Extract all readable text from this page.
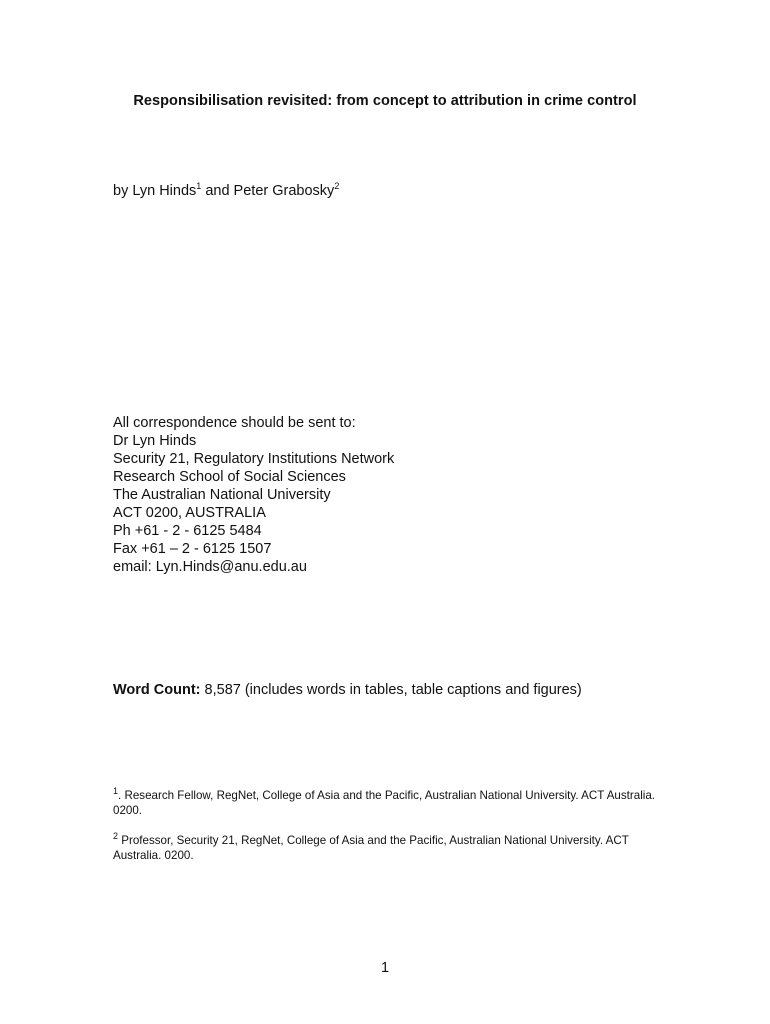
Responsibilisation revisited: from concept to attribution in crime control
by Lyn Hinds$^1$ and Peter Grabosky$^2$
All correspondence should be sent to:
Dr Lyn Hinds
Security 21, Regulatory Institutions Network
Research School of Social Sciences
The Australian National University
ACT 0200, AUSTRALIA
Ph +61 - 2 - 6125 5484
Fax +61 – 2 - 6125 1507
email: Lyn.Hinds@anu.edu.au
Word Count: 8,587 (includes words in tables, table captions and figures)
$^1$. Research Fellow, RegNet, College of Asia and the Pacific, Australian National University. ACT Australia. 0200.
$^2$ Professor, Security 21, RegNet, College of Asia and the Pacific, Australian National University. ACT Australia. 0200.
1
